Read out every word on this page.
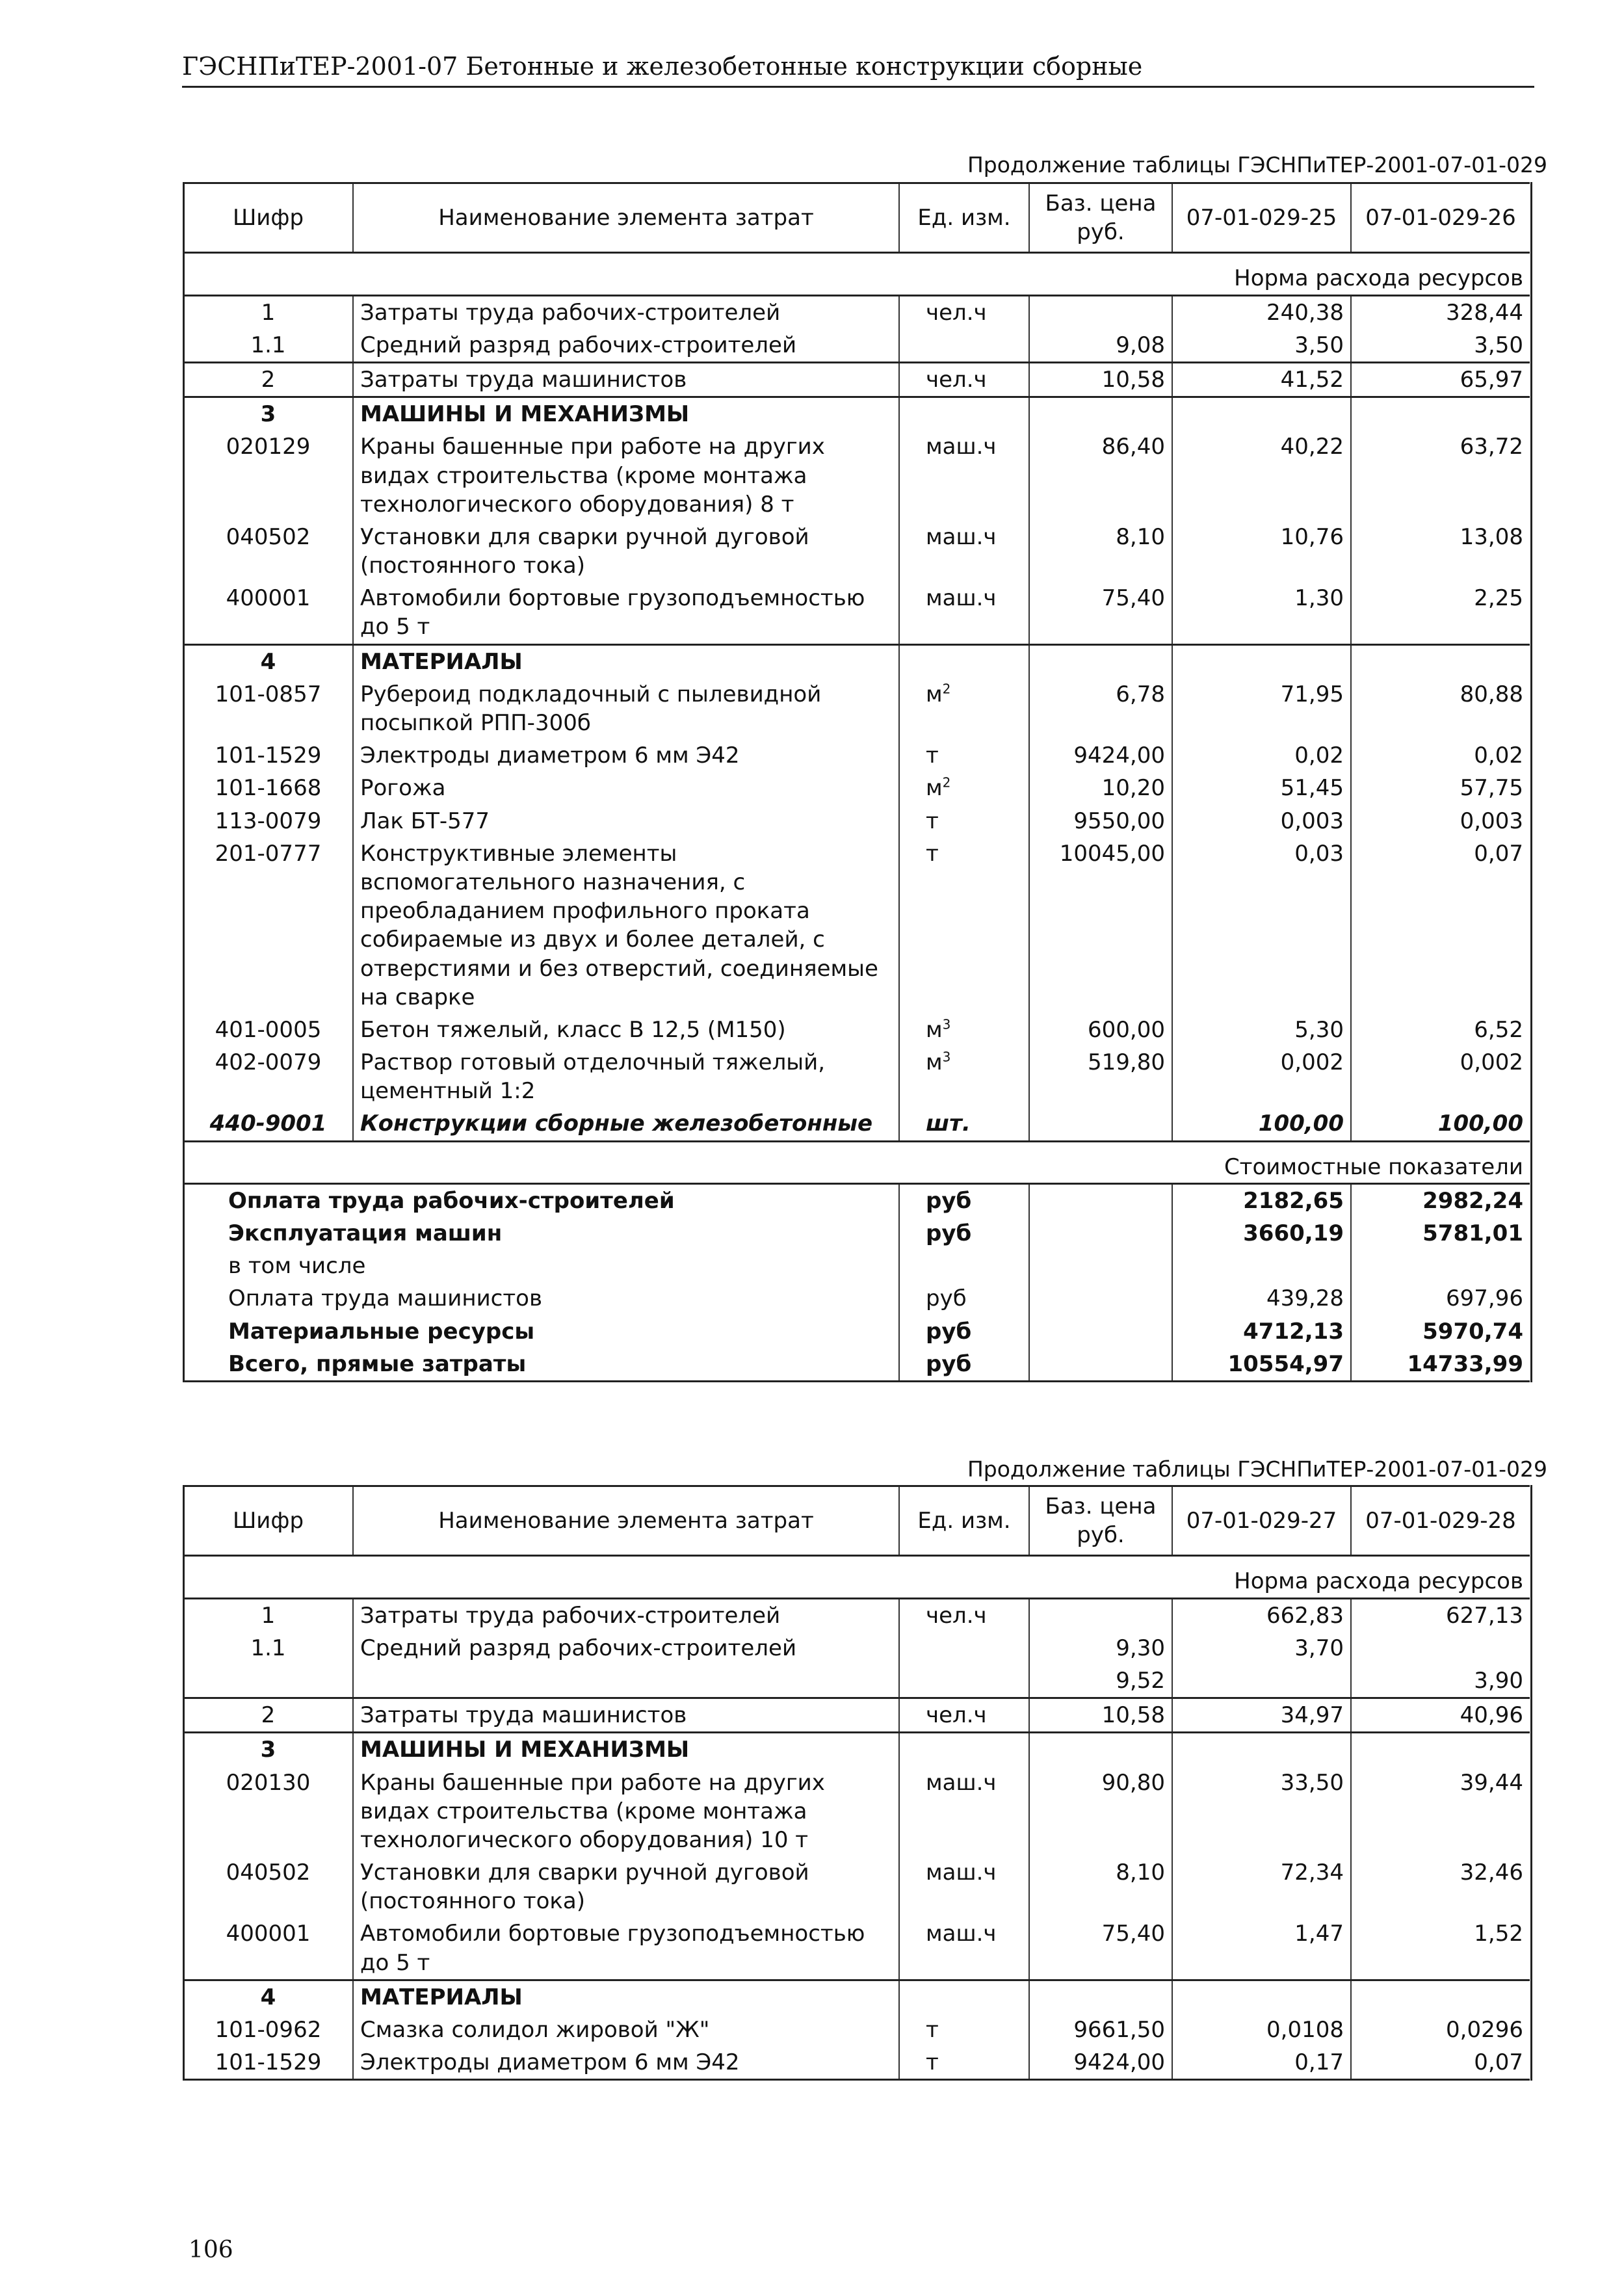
ГЭСНПиТЕР-2001-07 Бетонные и железобетонные конструкции сборные
Продолжение таблицы ГЭСНПиТЕР-2001-07-01-029
Шифр	Наименование элемента затрат	Ед. изм.	Баз. цена руб.	07-01-029-25	07-01-029-26
Норма расхода ресурсов					
1	Затраты труда рабочих-строителей	чел.ч		240,38	328,44
1.1	Средний разряд рабочих-строителей		9,08	3,50	3,50
2	Затраты труда машинистов	чел.ч	10,58	41,52	65,97
3	МАШИНЫ И МЕХАНИЗМЫ				
020129	Краны башенные при работе на других видах строительства (кроме монтажа технологического оборудования) 8 т	маш.ч	86,40	40,22	63,72
040502	Установки для сварки ручной дуговой (постоянного тока)	маш.ч	8,10	10,76	13,08
400001	Автомобили бортовые грузоподъемностью до 5 т	маш.ч	75,40	1,30	2,25
4	МАТЕРИАЛЫ				
101-0857	Рубероид подкладочный с пылевидной посыпкой РПП-300б	$м^2$	6,78	71,95	80,88
101-1529	Электроды диаметром 6 мм Э42	т	9424,00	0,02	0,02
101-1668	Рогожа	$м^2$	10,20	51,45	57,75
113-0079	Лак БТ-577	т	9550,00	0,003	0,003
201-0777	Конструктивные элементы вспомогательного назначения, с преобладанием профильного проката собираемые из двух и более деталей, с отверстиями и без отверстий, соединяемые на сварке	т	10045,00	0,03	0,07
401-0005	Бетон тяжелый, класс В 12,5 (М150)	$м^3$	600,00	5,30	6,52
402-0079	Раствор готовый отделочный тяжелый, цементный 1:2	$м^3$	519,80	0,002	0,002
440-9001	Конструкции сборные железобетонные	шт.		100,00	100,00
Стоимостные показатели					
Оплата труда рабочих-строителей		руб		2182,65	2982,24
Эксплуатация машин		руб		3660,19	5781,01
в том числе					
Оплата труда машинистов		руб		439,28	697,96
Материальные ресурсы		руб		4712,13	5970,74
Всего, прямые затраты		руб		10554,97	14733,99
Продолжение таблицы ГЭСНПиТЕР-2001-07-01-029
Шифр	Наименование элемента затрат	Ед. изм.	Баз. цена руб.	07-01-029-27	07-01-029-28
Норма расхода ресурсов					
1	Затраты труда рабочих-строителей	чел.ч		662,83	627,13
1.1	Средний разряд рабочих-строителей		9,30	3,70	
			9,52		3,90
2	Затраты труда машинистов	чел.ч	10,58	34,97	40,96
3	МАШИНЫ И МЕХАНИЗМЫ				
020130	Краны башенные при работе на других видах строительства (кроме монтажа технологического оборудования) 10 т	маш.ч	90,80	33,50	39,44
040502	Установки для сварки ручной дуговой (постоянного тока)	маш.ч	8,10	72,34	32,46
400001	Автомобили бортовые грузоподъемностью до 5 т	маш.ч	75,40	1,47	1,52
4	МАТЕРИАЛЫ				
101-0962	Смазка солидол жировой "Ж"	т	9661,50	0,0108	0,0296
101-1529	Электроды диаметром 6 мм Э42	т	9424,00	0,17	0,07
106
